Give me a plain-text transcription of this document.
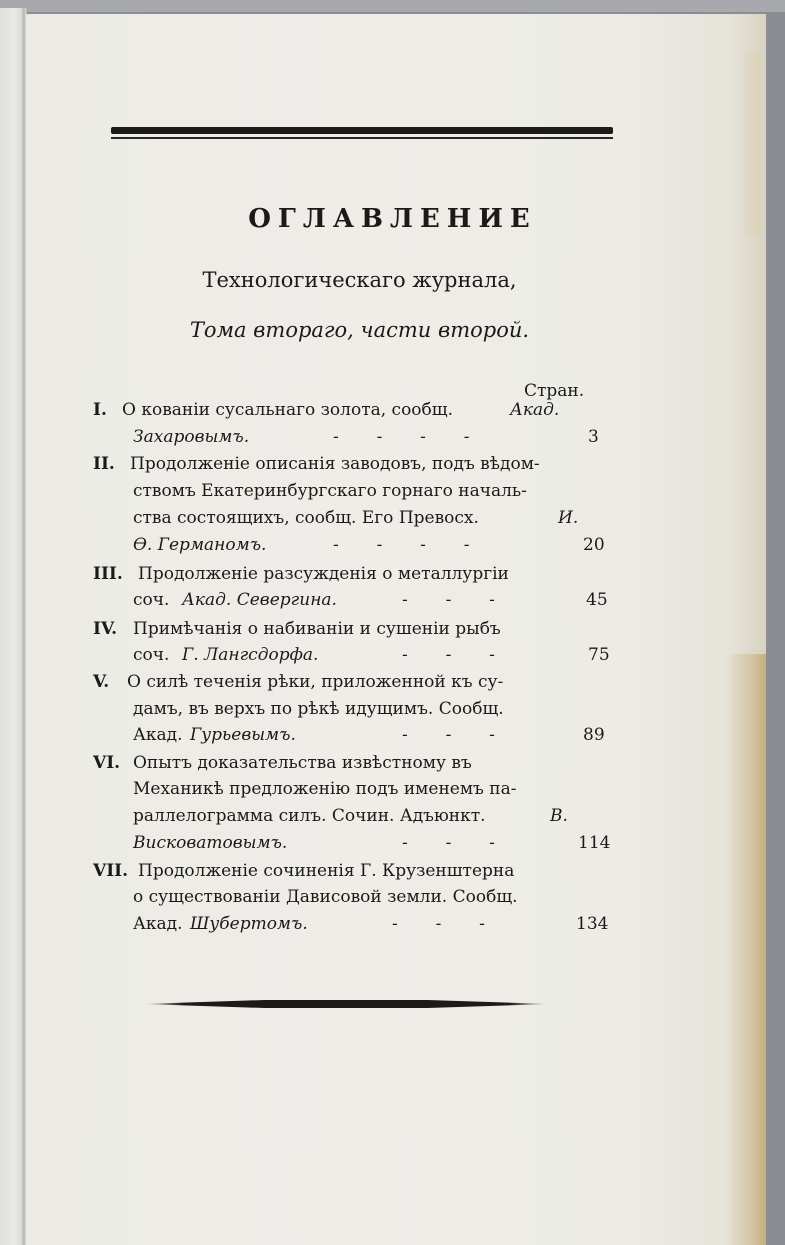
ОГЛАВЛЕНИЕ
Технологическаго журнала,
Тома втораго, части второй.
Стран.
I. О кованіи сусальнаго золота, сообщ.	Акад.
Захаровымъ.	-       -       -       -	3
II. Продолженіе описанія заводовъ, подъ вѣдом-
ствомъ Екатеринбургскаго горнаго началь-
ства состоящихъ, сообщ. Его Превосх.	И.
Ѳ. Германомъ.	-       -       -       -	20
III. Продолженіе разсужденія о металлургіи
соч. Акад. Севергина.	-       -       -	45
IV. Примѣчанія о набиваніи и сушеніи рыбъ
соч. Г. Лангсдорфа.	-       -       -	75
V. О силѣ теченія рѣки, приложенной къ су-
дамъ, въ верхъ по рѣкѣ идущимъ. Сообщ.
Акад. Гурьевымъ.	-       -       -	89
VI. Опытъ доказательства извѣстному въ
Механикѣ предложенію подъ именемъ па-
раллелограмма силъ. Сочин. Адъюнкт.	В.
Висковатовымъ.	-       -       -	114
VII. Продолженіе сочиненія Г. Крузенштерна
о существованіи Дависовой земли. Сообщ.
Акад. Шубертомъ.	-       -       -	134
